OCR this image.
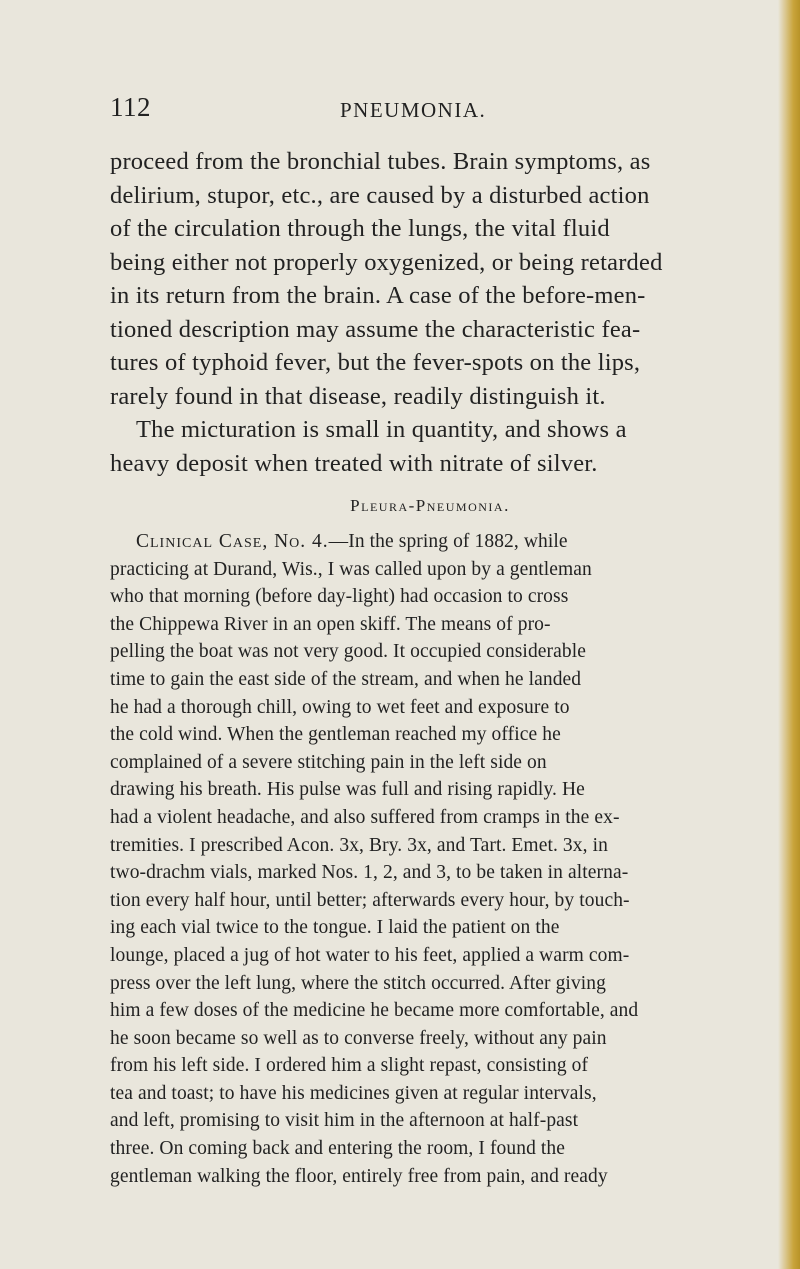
112	PNEUMONIA.
proceed from the bronchial tubes. Brain symptoms, as
delirium, stupor, etc., are caused by a disturbed action
of the circulation through the lungs, the vital fluid
being either not properly oxygenized, or being retarded
in its return from the brain. A case of the before-men-
tioned description may assume the characteristic fea-
tures of typhoid fever, but the fever-spots on the lips,
rarely found in that disease, readily distinguish it.
The micturation is small in quantity, and shows a
heavy deposit when treated with nitrate of silver.
Pleura-Pneumonia.
Clinical Case, No. 4.—In the spring of 1882, while
practicing at Durand, Wis., I was called upon by a gentleman
who that morning (before day-light) had occasion to cross
the Chippewa River in an open skiff. The means of pro-
pelling the boat was not very good. It occupied considerable
time to gain the east side of the stream, and when he landed
he had a thorough chill, owing to wet feet and exposure to
the cold wind. When the gentleman reached my office he
complained of a severe stitching pain in the left side on
drawing his breath. His pulse was full and rising rapidly. He
had a violent headache, and also suffered from cramps in the ex-
tremities. I prescribed Acon. 3x, Bry. 3x, and Tart. Emet. 3x, in
two-drachm vials, marked Nos. 1, 2, and 3, to be taken in alterna-
tion every half hour, until better; afterwards every hour, by touch-
ing each vial twice to the tongue. I laid the patient on the
lounge, placed a jug of hot water to his feet, applied a warm com-
press over the left lung, where the stitch occurred. After giving
him a few doses of the medicine he became more comfortable, and
he soon became so well as to converse freely, without any pain
from his left side. I ordered him a slight repast, consisting of
tea and toast; to have his medicines given at regular intervals,
and left, promising to visit him in the afternoon at half-past
three. On coming back and entering the room, I found the
gentleman walking the floor, entirely free from pain, and ready
